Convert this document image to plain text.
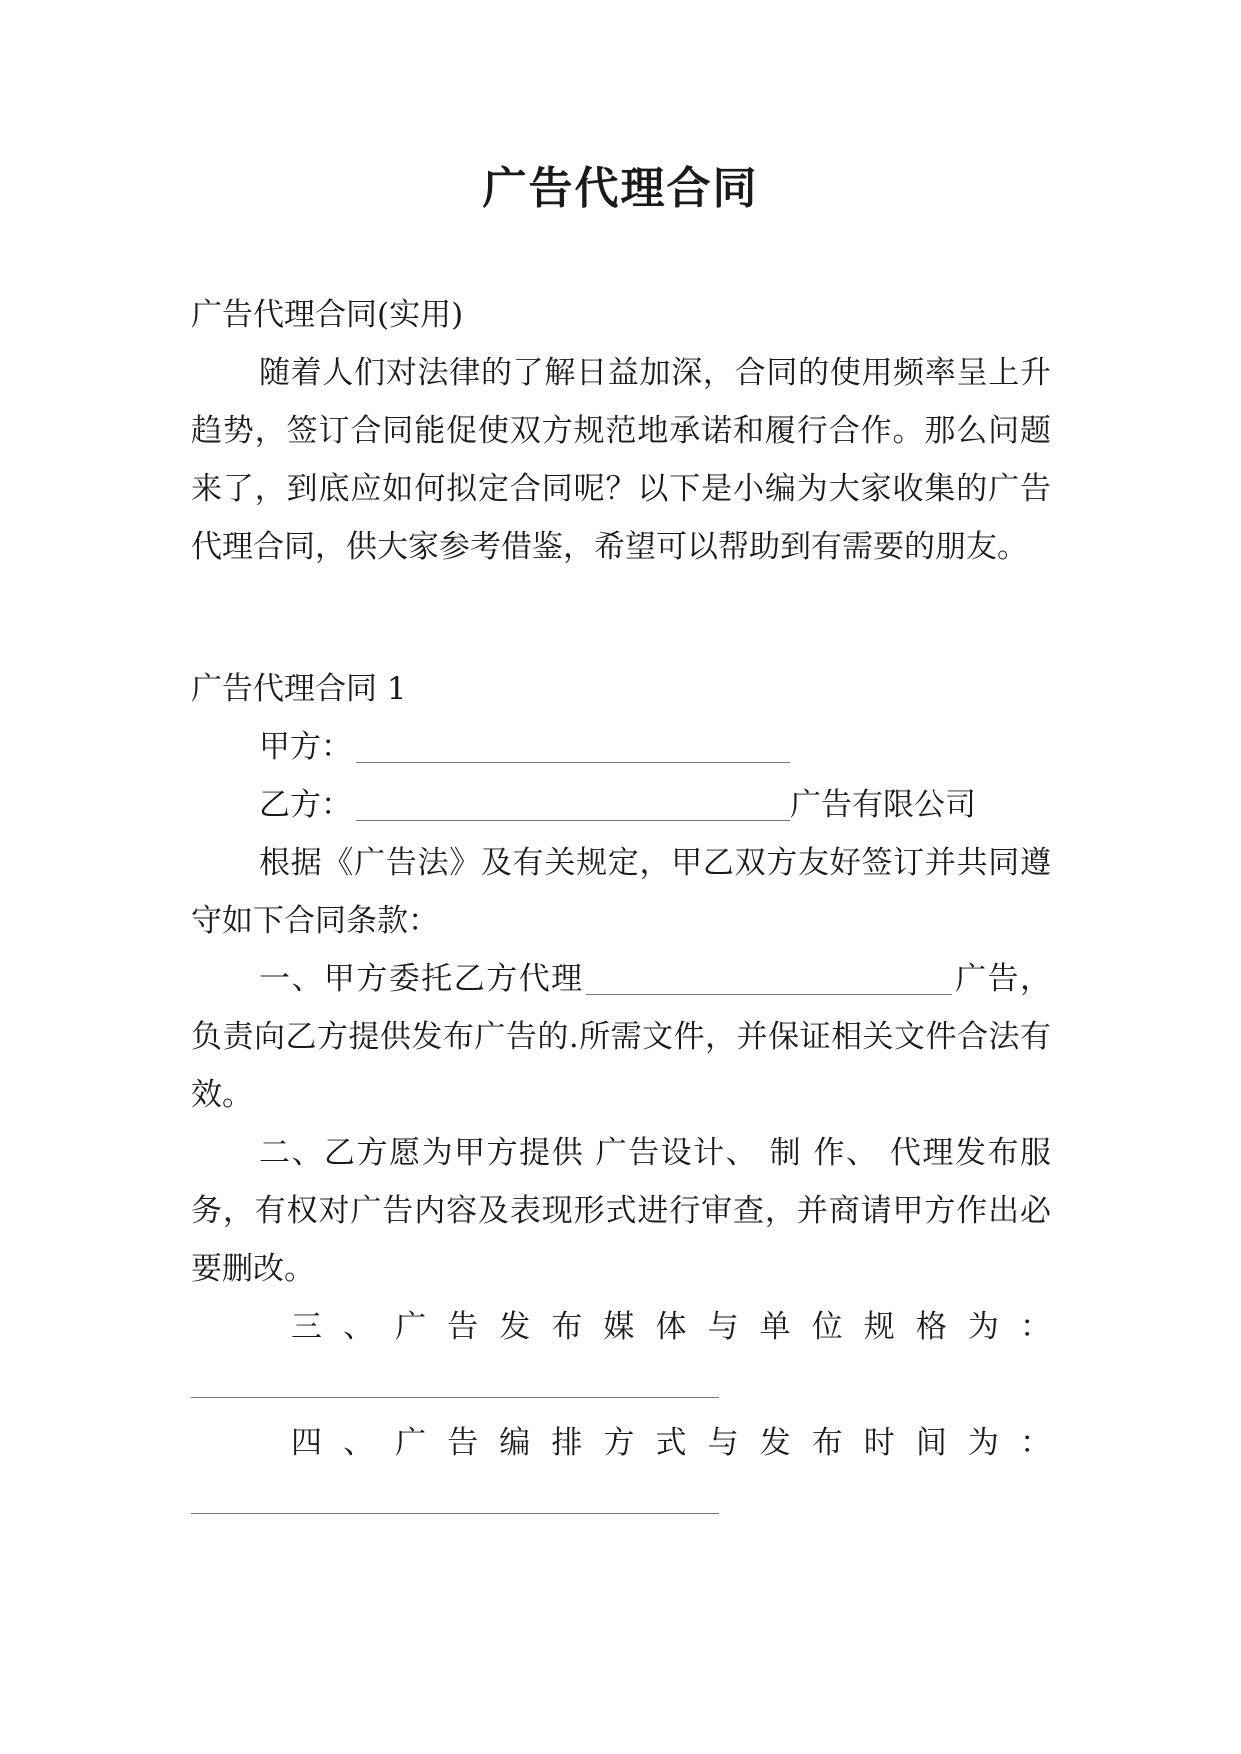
广告代理合同

广告代理合同(实用)

随着人们对法律的了解日益加深，合同的使用频率呈上升趋势，签订合同能促使双方规范地承诺和履行合作。那么问题来了，到底应如何拟定合同呢？以下是小编为大家收集的广告代理合同，供大家参考借鉴，希望可以帮助到有需要的朋友。

广告代理合同 1

甲方：

乙方：	广告有限公司

根据《广告法》及有关规定，甲乙双方友好签订并共同遵守如下合同条款：

一、甲方委托乙方代理	广告，负责向乙方提供发布广告的.所需文件，并保证相关文件合法有效。

二、乙方愿为甲方提供 广告设计、 制 作、 代理发布服务，有权对广告内容及表现形式进行审查，并商请甲方作出必要删改。

三、广告发布媒体与单位规格为：

四、广告编排方式与发布时间为：
